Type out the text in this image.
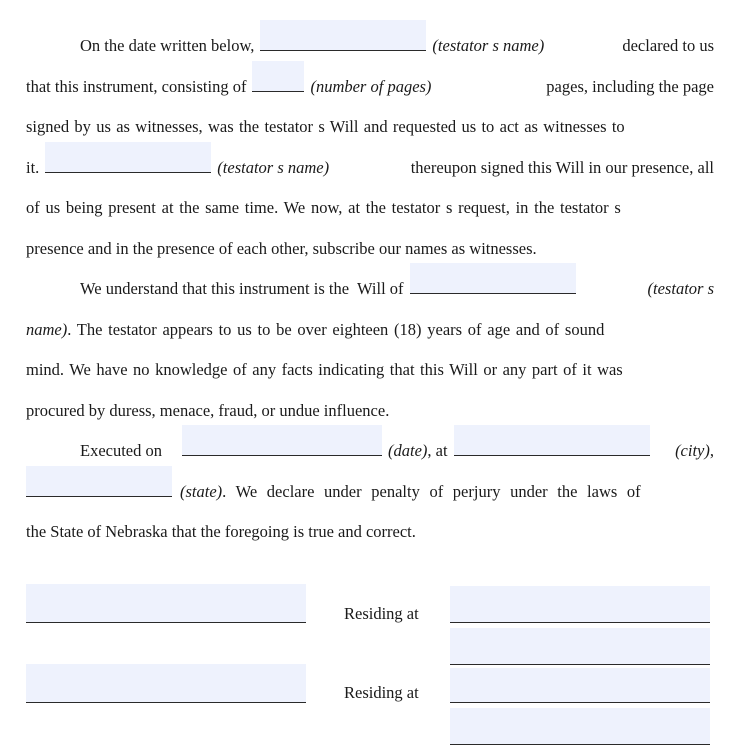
On the date written below,	(testator s name)	declared to us
that this instrument, consisting of	(number of pages)	pages, including the page
signed by us as witnesses, was the testator s Will and requested us to act as witnesses to
it.	(testator s name)	thereupon signed this Will in our presence, all
of us being present at the same time. We now, at the testator s request, in the testator s
presence and in the presence of each other, subscribe our names as witnesses.
We understand that this instrument is the  Will of	(testator s
name) . The testator appears to us to be over eighteen (18) years of age and of sound
mind. We have no knowledge of any facts indicating that this Will or any part of it was
procured by duress, menace, fraud, or undue influence.
Executed on	(date) , at	(city) ,
(state) . We declare under penalty of perjury under the laws of
the State of Nebraska that the foregoing is true and correct.
Residing at
Residing at
